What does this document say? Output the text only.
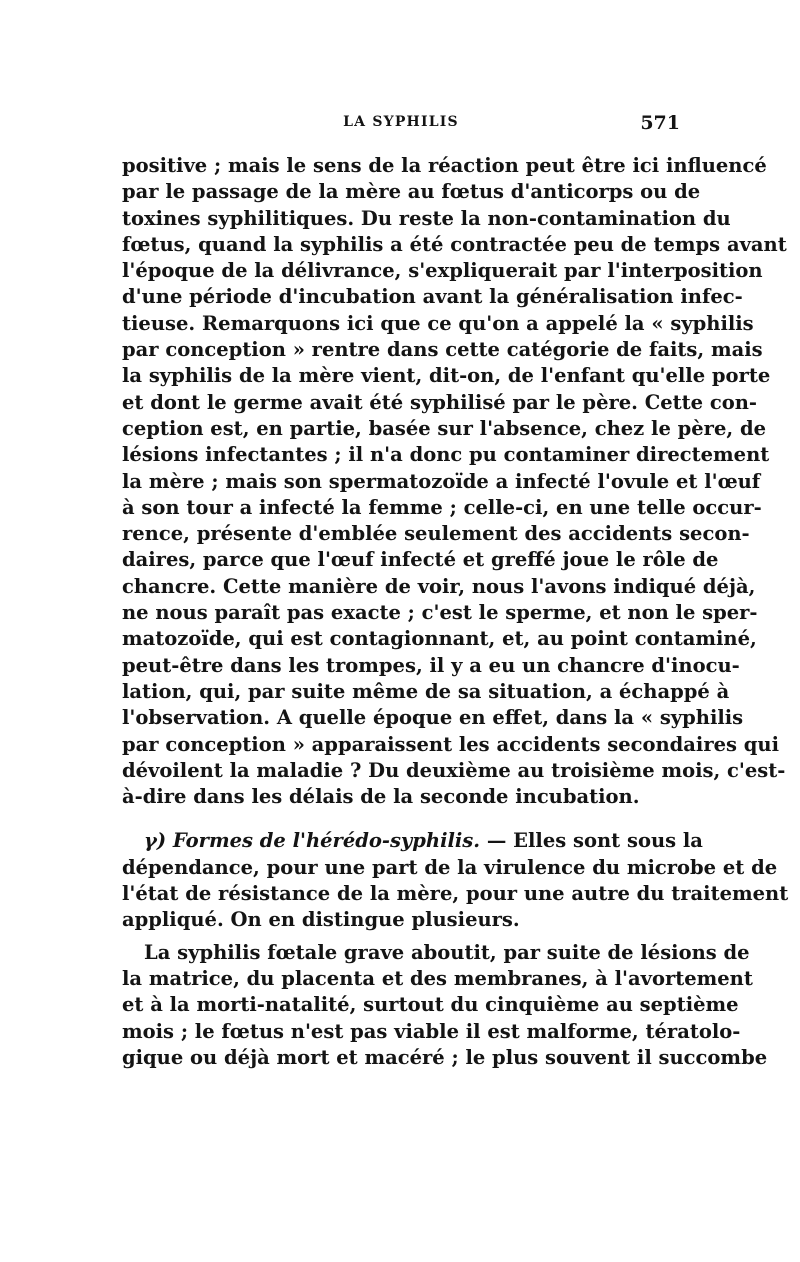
LA SYPHILIS	571
positive ; mais le sens de la réaction peut être ici influencé
par le passage de la mère au fœtus d'anticorps ou de
toxines syphilitiques. Du reste la non-contamination du
fœtus, quand la syphilis a été contractée peu de temps avant
l'époque de la délivrance, s'expliquerait par l'interposition
d'une période d'incubation avant la généralisation infec-
tieuse. Remarquons ici que ce qu'on a appelé la « syphilis
par conception » rentre dans cette catégorie de faits, mais
la syphilis de la mère vient, dit-on, de l'enfant qu'elle porte
et dont le germe avait été syphilisé par le père. Cette con-
ception est, en partie, basée sur l'absence, chez le père, de
lésions infectantes ; il n'a donc pu contaminer directement
la mère ; mais son spermatozoïde a infecté l'ovule et l'œuf
à son tour a infecté la femme ; celle-ci, en une telle occur-
rence, présente d'emblée seulement des accidents secon-
daires, parce que l'œuf infecté et greffé joue le rôle de
chancre. Cette manière de voir, nous l'avons indiqué déjà,
ne nous paraît pas exacte ; c'est le sperme, et non le sper-
matozoïde, qui est contagionnant, et, au point contaminé,
peut-être dans les trompes, il y a eu un chancre d'inocu-
lation, qui, par suite même de sa situation, a échappé à
l'observation. A quelle époque en effet, dans la « syphilis
par conception » apparaissent les accidents secondaires qui
dévoilent la maladie ? Du deuxième au troisième mois, c'est-
à-dire dans les délais de la seconde incubation.
γ) Formes de l'hérédo-syphilis. — Elles sont sous la
dépendance, pour une part de la virulence du microbe et de
l'état de résistance de la mère, pour une autre du traitement
appliqué. On en distingue plusieurs.
La syphilis fœtale grave aboutit, par suite de lésions de
la matrice, du placenta et des membranes, à l'avortement
et à la morti-natalité, surtout du cinquième au septième
mois ; le fœtus n'est pas viable il est malforme, tératolo-
gique ou déjà mort et macéré ; le plus souvent il succombe
